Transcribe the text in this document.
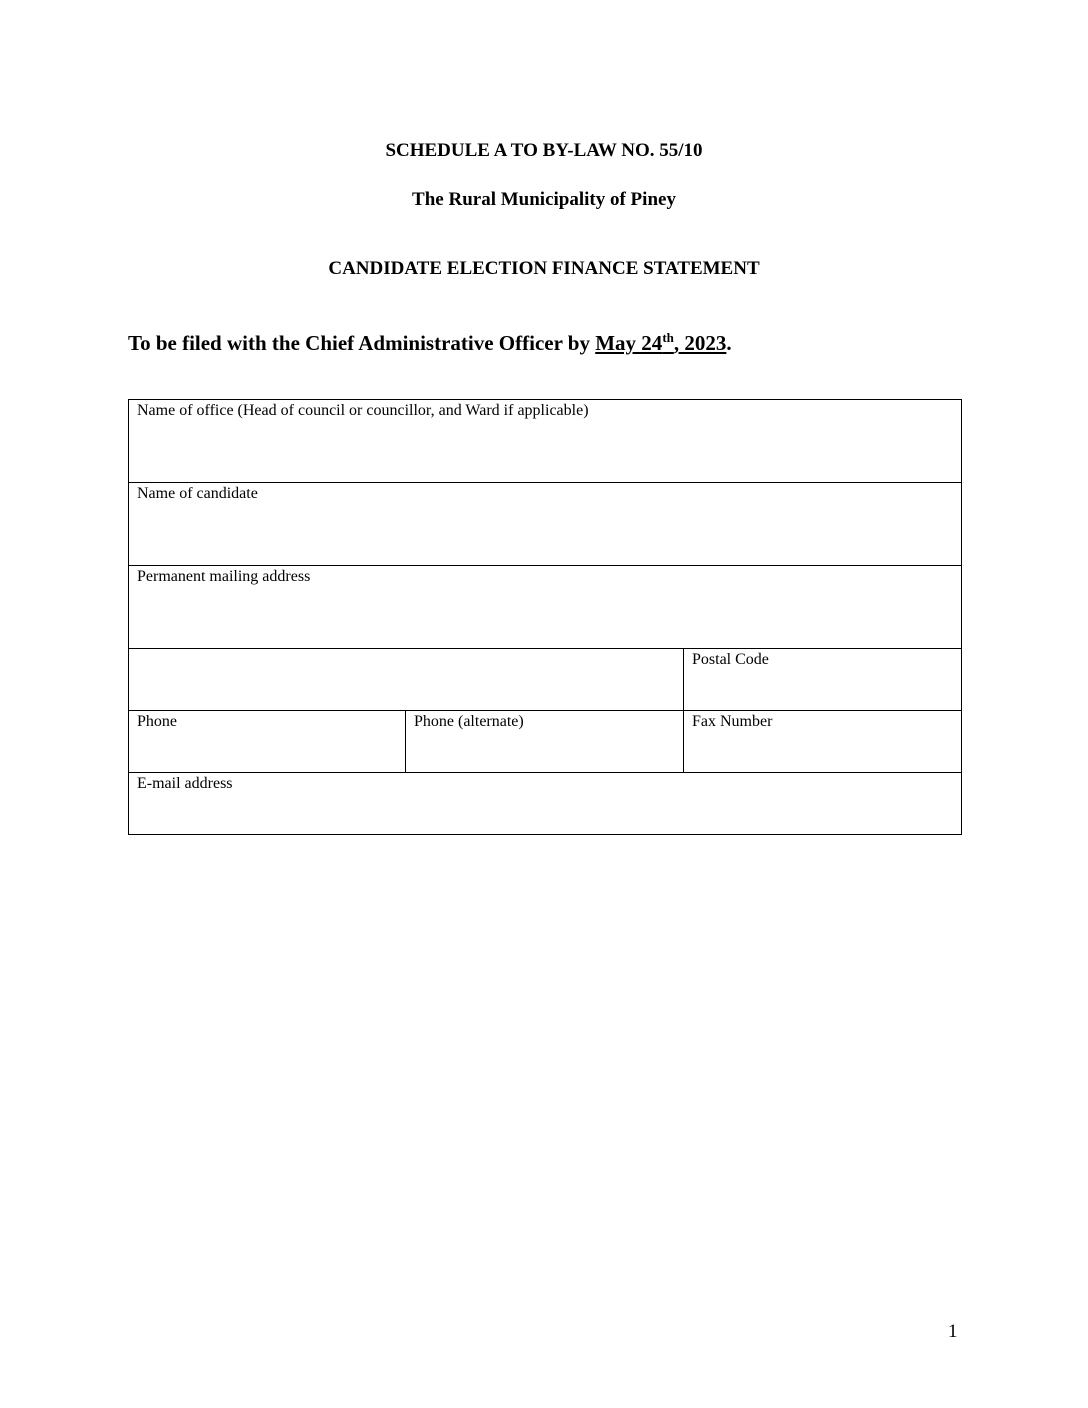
SCHEDULE A TO BY-LAW NO. 55/10
The Rural Municipality of Piney
CANDIDATE ELECTION FINANCE STATEMENT

To be filed with the Chief Administrative Officer by May 24th, 2023.

Name of office (Head of council or councillor, and Ward if applicable)		
Name of candidate		
Permanent mailing address		
		Postal Code
Phone	Phone (alternate)	Fax Number
E-mail address		

1
